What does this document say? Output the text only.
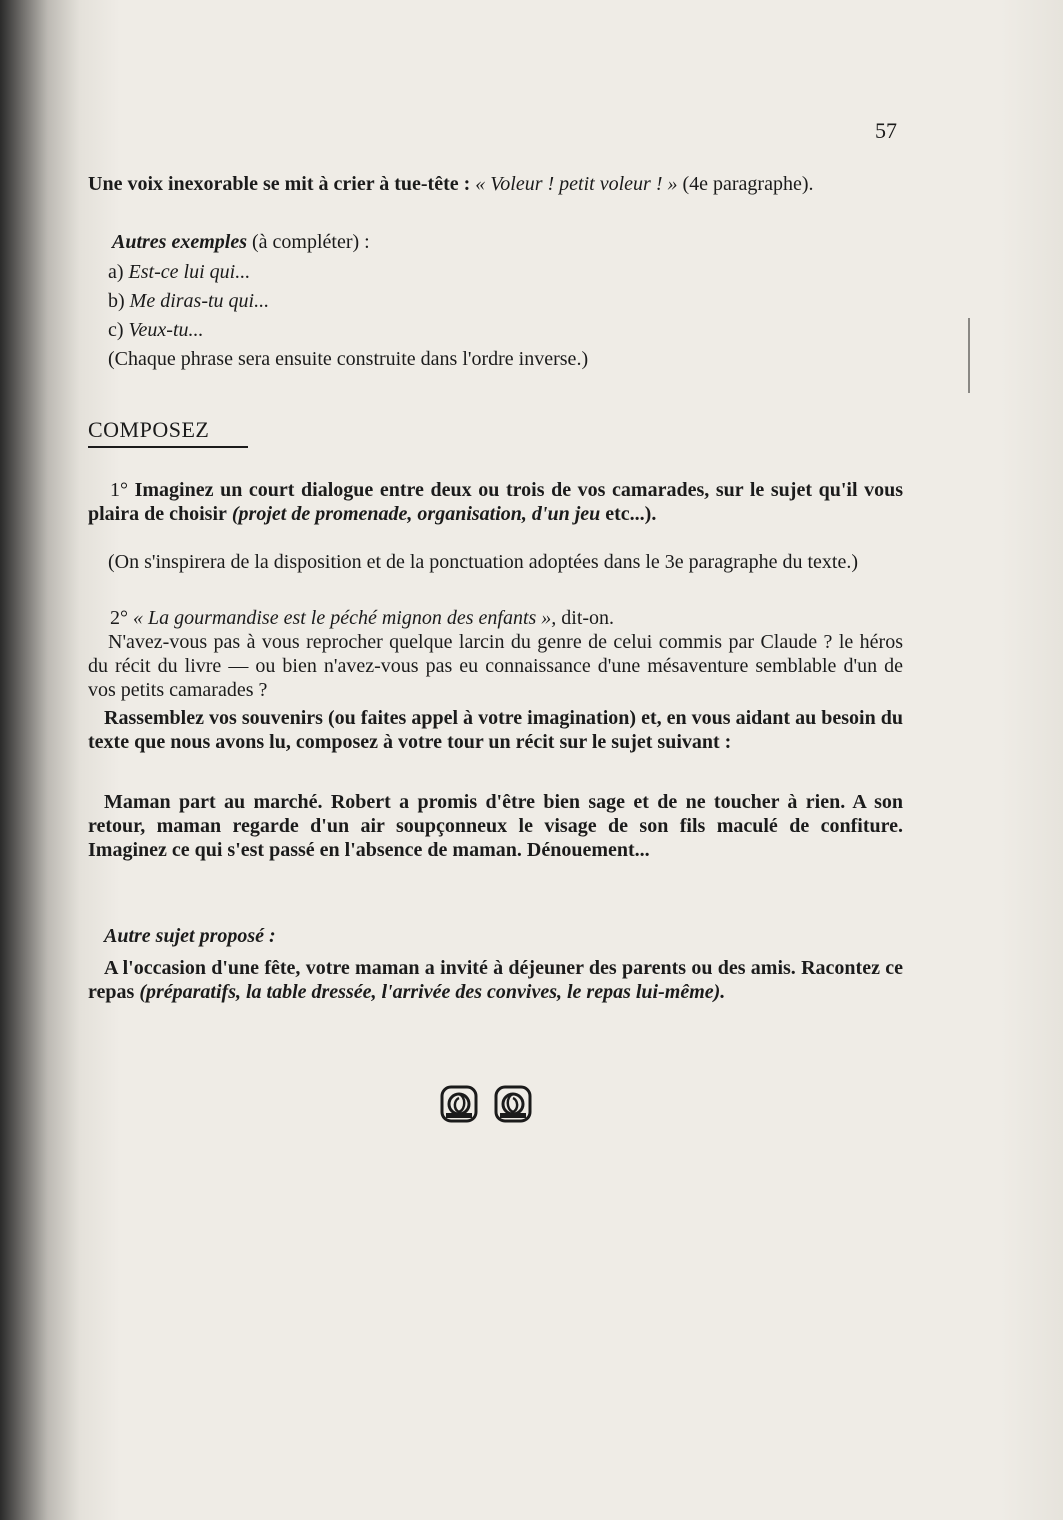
57
Une voix inexorable se mit à crier à tue-tête : « Voleur ! petit voleur ! » (4e paragraphe).
Autres exemples (à compléter) :
a) Est-ce lui qui...
b) Me diras-tu qui...
c) Veux-tu...
(Chaque phrase sera ensuite construite dans l'ordre inverse.)
COMPOSEZ
1° Imaginez un court dialogue entre deux ou trois de vos camarades, sur le sujet qu'il vous plaira de choisir (projet de promenade, organisation, d'un jeu etc...).
(On s'inspirera de la disposition et de la ponctuation adoptées dans le 3e paragraphe du texte.)
2° « La gourmandise est le péché mignon des enfants », dit-on.
N'avez-vous pas à vous reprocher quelque larcin du genre de celui commis par Claude ? le héros du récit du livre — ou bien n'avez-vous pas eu connaissance d'une mésaventure semblable d'un de vos petits camarades ?
Rassemblez vos souvenirs (ou faites appel à votre imagination) et, en vous aidant au besoin du texte que nous avons lu, composez à votre tour un récit sur le sujet suivant :
Maman part au marché. Robert a promis d'être bien sage et de ne toucher à rien. A son retour, maman regarde d'un air soupçonneux le visage de son fils maculé de confiture. Imaginez ce qui s'est passé en l'absence de maman. Dénouement...
Autre sujet proposé :
A l'occasion d'une fête, votre maman a invité à déjeuner des parents ou des amis. Racontez ce repas (préparatifs, la table dressée, l'arrivée des convives, le repas lui-même).
